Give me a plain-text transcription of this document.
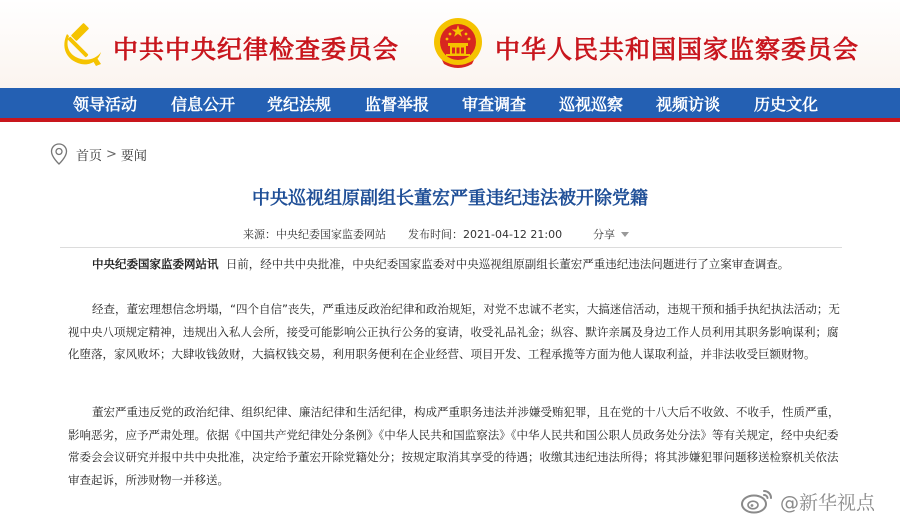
中共中央纪律检查委员会	中华人民共和国国家监察委员会
领导活动 信息公开 党纪法规 监督举报 审查调查 巡视巡察 视频访谈 历史文化
首页 > 要闻
中央巡视组原副组长董宏严重违纪违法被开除党籍
来源： 中央纪委国家监委网站 发布时间： 2021-04-12 21:00	分享

中央纪委国家监委网站讯 日前，经中共中央批准，中央纪委国家监委对中央巡视组原副组长董宏严重违纪违法问题进行了立案审查调查。

经查，董宏理想信念坍塌，“四个自信”丧失，严重违反政治纪律和政治规矩，对党不忠诚不老实，大搞迷信活动，违规干预和插手执纪执法活动；无视中央八项规定精神，违规出入私人会所，接受可能影响公正执行公务的宴请，收受礼品礼金；纵容、默许亲属及身边工作人员利用其职务影响谋利；腐化堕落，家风败坏；大肆收钱敛财，大搞权钱交易，利用职务便利在企业经营、项目开发、工程承揽等方面为他人谋取利益，并非法收受巨额财物。

董宏严重违反党的政治纪律、组织纪律、廉洁纪律和生活纪律，构成严重职务违法并涉嫌受贿犯罪，且在党的十八大后不收敛、不收手，性质严重，影响恶劣，应予严肃处理。依据《中国共产党纪律处分条例》《中华人民共和国监察法》《中华人民共和国公职人员政务处分法》等有关规定，经中央纪委常委会会议研究并报中共中央批准，决定给予董宏开除党籍处分；按规定取消其享受的待遇；收缴其违纪违法所得；将其涉嫌犯罪问题移送检察机关依法审查起诉，所涉财物一并移送。

@新华视点
